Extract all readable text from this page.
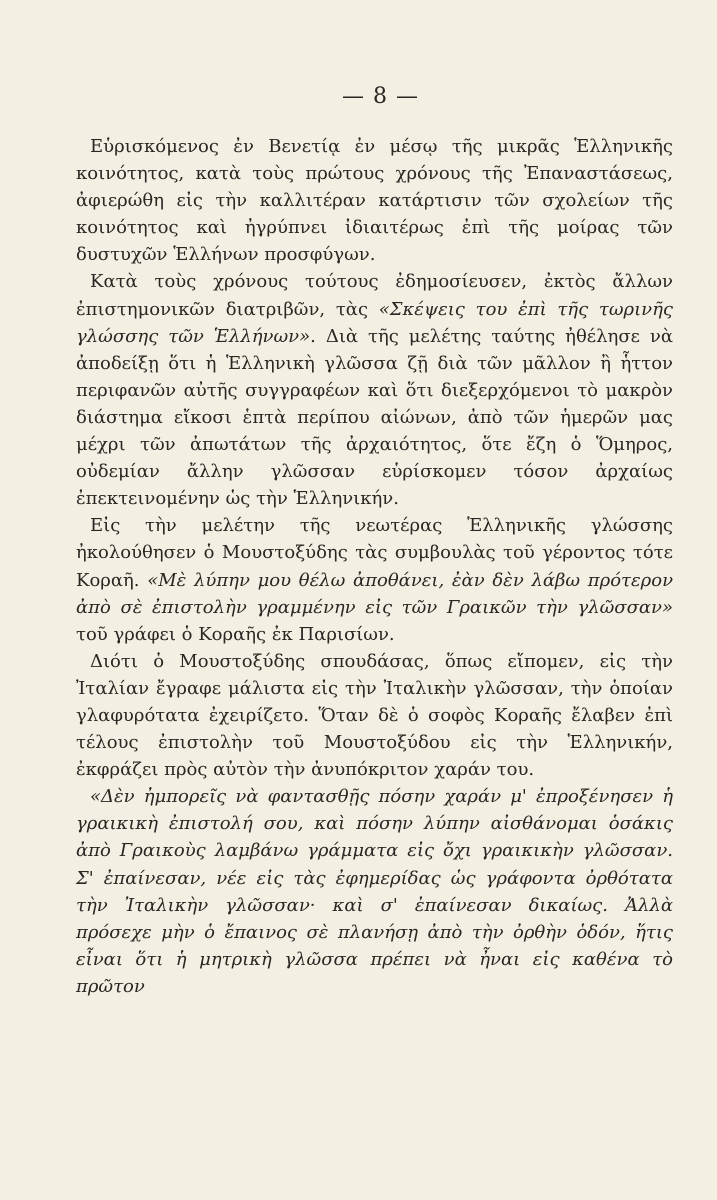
— 8 —

Εὑρισκόμενος ἐν Βενετίᾳ ἐν μέσῳ τῆς μικρᾶς Ἑλληνικῆς κοινότητος, κατὰ τοὺς πρώτους χρόνους τῆς Ἐπαναστάσεως, ἀφιερώθη εἰς τὴν καλλιτέραν κατάρτισιν τῶν σχολείων τῆς κοινότητος καὶ ἠγρύπνει ἰδιαιτέρως ἐπὶ τῆς μοίρας τῶν δυστυχῶν Ἑλλήνων προσφύγων.

Κατὰ τοὺς χρόνους τούτους ἐδημοσίευσεν, ἐκτὸς ἄλλων ἐπιστημονικῶν διατριβῶν, τὰς «Σκέψεις του ἐπὶ τῆς τωρινῆς γλώσσης τῶν Ἑλλήνων». Διὰ τῆς μελέτης ταύτης ἠθέλησε νὰ ἀποδείξῃ ὅτι ἡ Ἑλληνικὴ γλῶσσα ζῇ διὰ τῶν μᾶλλον ἢ ἧττον περιφανῶν αὐτῆς συγγραφέων καὶ ὅτι διεξερχόμενοι τὸ μακρὸν διάστημα εἴκοσι ἑπτὰ περίπου αἰώνων, ἀπὸ τῶν ἡμερῶν μας μέχρι τῶν ἀπωτάτων τῆς ἀρχαιότητος, ὅτε ἔζη ὁ Ὅμηρος, οὐδεμίαν ἄλλην γλῶσσαν εὑρίσκομεν τόσον ἀρχαίως ἐπεκτεινομένην ὡς τὴν Ἑλληνικήν.

Εἰς τὴν μελέτην τῆς νεωτέρας Ἑλληνικῆς γλώσσης ἠκολούθησεν ὁ Μουστοξύδης τὰς συμβουλὰς τοῦ γέροντος τότε Κοραῆ. «Μὲ λύπην μου θέλω ἀποθάνει, ἐὰν δὲν λάβω πρότερον ἀπὸ σὲ ἐπιστολὴν γραμμένην εἰς τῶν Γραικῶν τὴν γλῶσσαν» τοῦ γράφει ὁ Κοραῆς ἐκ Παρισίων.

Διότι ὁ Μουστοξύδης σπουδάσας, ὅπως εἴπομεν, εἰς τὴν Ἰταλίαν ἔγραφε μάλιστα εἰς τὴν Ἰταλικὴν γλῶσσαν, τὴν ὁποίαν γλαφυρότατα ἐχειρίζετο. Ὅταν δὲ ὁ σοφὸς Κοραῆς ἔλαβεν ἐπὶ τέλους ἐπιστολὴν τοῦ Μουστοξύδου εἰς τὴν Ἑλληνικήν, ἐκφράζει πρὸς αὐτὸν τὴν ἀνυπόκριτον χαράν του.

«Δὲν ἠμπορεῖς νὰ φαντασθῇς πόσην χαράν μ' ἐπροξένησεν ἡ γραικικὴ ἐπιστολή σου, καὶ πόσην λύπην αἰσθάνομαι ὁσάκις ἀπὸ Γραικοὺς λαμβάνω γράμματα εἰς ὄχι γραικικὴν γλῶσσαν. Σ' ἐπαίνεσαν, νέε εἰς τὰς ἐφημερίδας ὡς γράφοντα ὀρθότατα τὴν Ἰταλικὴν γλῶσσαν· καὶ σ' ἐπαίνεσαν δικαίως. Ἀλλὰ πρόσεχε μὴν ὁ ἔπαινος σὲ πλανήσῃ ἀπὸ τὴν ὀρθὴν ὁδόν, ἥτις εἶναι ὅτι ἡ μητρικὴ γλῶσσα πρέπει νὰ ἦναι εἰς καθένα τὸ πρῶτον
